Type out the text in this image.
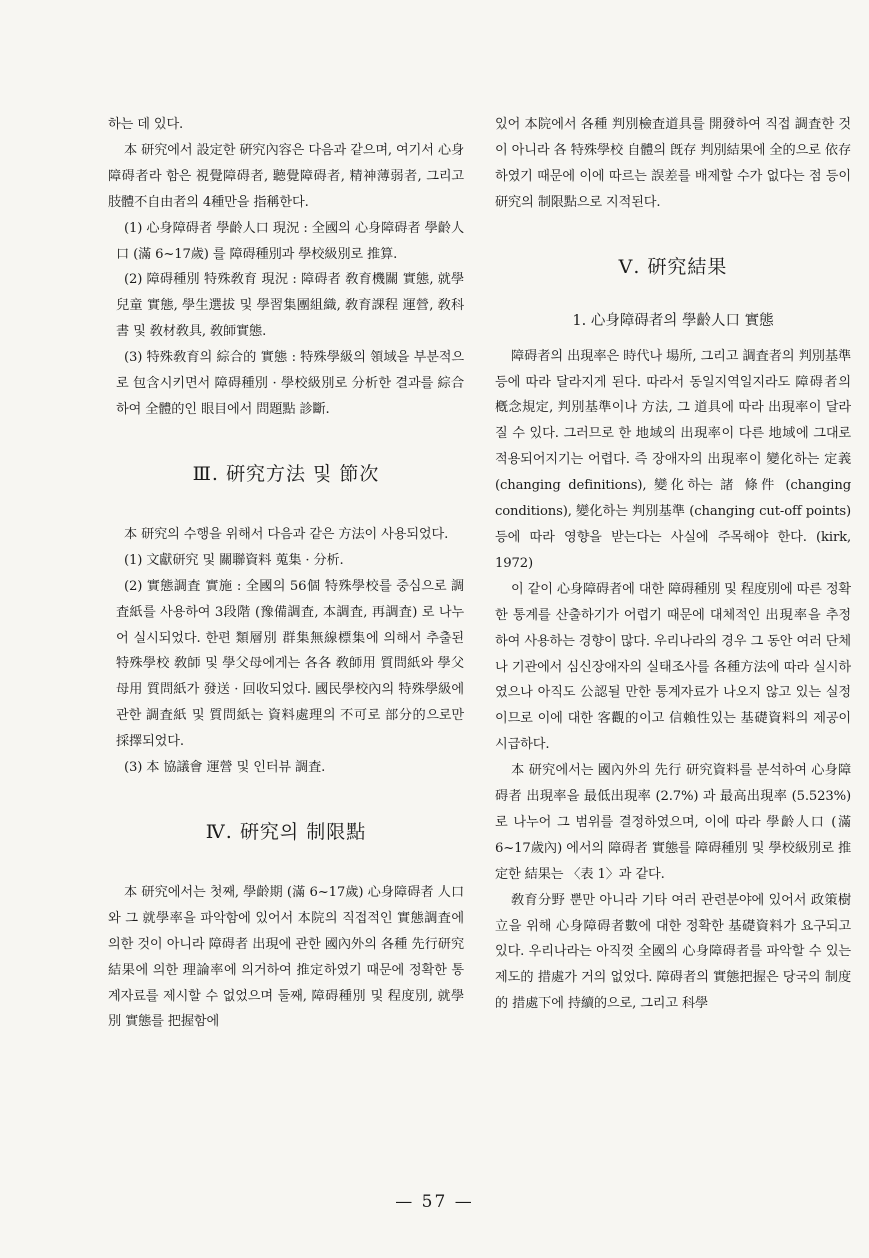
하는 데 있다.

本 研究에서 設定한 硏究內容은 다음과 같으며, 여기서 心身障碍者라 함은 視覺障碍者, 聽覺障碍者, 精神薄弱者, 그리고 肢體不自由者의 4種만을 指稱한다.

(1) 心身障碍者 學齡人口 現況 : 全國의 心身障碍者 學齡人口 (滿 6~17歲) 를 障碍種別과 學校級別로 推算.

(2) 障碍種別 特殊敎育 現況 : 障碍者 敎育機關 實態, 就學兒童 實態, 學生選拔 및 學習集團組織, 敎育課程 運營, 敎科書 및 敎材敎具, 敎師實態.

(3) 特殊敎育의 綜合的 實態 : 特殊學級의 領域을 부분적으로 包含시키면서 障碍種別 · 學校級別로 分析한 결과를 綜合하여 全體的인 眼目에서 問題點 診斷.

Ⅲ. 硏究方法 및 節次

本 研究의 수행을 위해서 다음과 같은 方法이 사용되었다.

(1) 文獻研究 및 關聯資料 蒐集 · 分析.

(2) 實態調査 實施 : 全國의 56個 特殊學校를 중심으로 調査紙를 사용하여 3段階 (豫備調査, 本調査, 再調査) 로 나누어 실시되었다. 한편 類層別 群集無線標集에 의해서 추출된 特殊學校 敎師 및 學父母에게는 各各 敎師用 質問紙와 學父母用 質問紙가 發送 · 回收되었다. 國民學校內의 特殊學級에 관한 調査紙 및 質問紙는 資料處理의 不可로 部分的으로만 採擇되었다.

(3) 本 協議會 運營 및 인터뷰 調査.

Ⅳ. 硏究의 制限點

本 研究에서는 첫째, 學齡期 (滿 6~17歲) 心身障碍者 人口와 그 就學率을 파악함에 있어서 本院의 직접적인 實態調査에 의한 것이 아니라 障碍者 出現에 관한 國內外의 各種 先行研究 結果에 의한 理論率에 의거하여 推定하였기 때문에 정확한 통계자료를 제시할 수 없었으며 둘째, 障碍種別 및 程度別, 就學別 實態를 把握함에

있어 本院에서 各種 判別檢査道具를 開發하여 직접 調査한 것이 아니라 各 特殊學校 自體의 旣存 判別結果에 全的으로 依存하였기 때문에 이에 따르는 誤差를 배제할 수가 없다는 점 등이 研究의 制限點으로 지적된다.

Ⅴ. 硏究結果
1. 心身障碍者의 學齡人口 實態

障碍者의 出現率은 時代나 場所, 그리고 調査者의 判別基準 등에 따라 달라지게 된다. 따라서 동일지역일지라도 障碍者의 槪念規定, 判別基準이나 方法, 그 道具에 따라 出現率이 달라질 수 있다. 그러므로 한 地域의 出現率이 다른 地域에 그대로 적용되어지기는 어렵다. 즉 장애자의 出現率이 變化하는 定義 (changing definitions), 變化하는 諸 條件 (changing conditions), 變化하는 判別基準 (changing cut-off points) 등에 따라 영향을 받는다는 사실에 주목해야 한다. (kirk, 1972)

이 같이 心身障碍者에 대한 障碍種別 및 程度別에 따른 정확한 통계를 산출하기가 어렵기 때문에 대체적인 出現率을 추정하여 사용하는 경향이 많다. 우리나라의 경우 그 동안 여러 단체나 기관에서 심신장애자의 실태조사를 各種方法에 따라 실시하였으나 아직도 公認될 만한 통계자료가 나오지 않고 있는 실정이므로 이에 대한 客觀的이고 信賴性있는 基礎資料의 제공이 시급하다.

本 研究에서는 國內外의 先行 研究資料를 분석하여 心身障碍者 出現率을 最低出現率 (2.7%) 과 最高出現率 (5.523%) 로 나누어 그 범위를 결정하였으며, 이에 따라 學齡人口 (滿6~17歲內) 에서의 障碍者 實態를 障碍種別 및 學校級別로 推定한 結果는 〈表 1〉과 같다.

敎育分野 뿐만 아니라 기타 여러 관련분야에 있어서 政策樹立을 위해 心身障碍者數에 대한 정확한 基礎資料가 요구되고 있다. 우리나라는 아직껏 全國의 心身障碍者를 파악할 수 있는 제도的 措處가 거의 없었다. 障碍者의 實態把握은 당국의 制度的 措處下에 持續的으로, 그리고 科學

— 57 —
